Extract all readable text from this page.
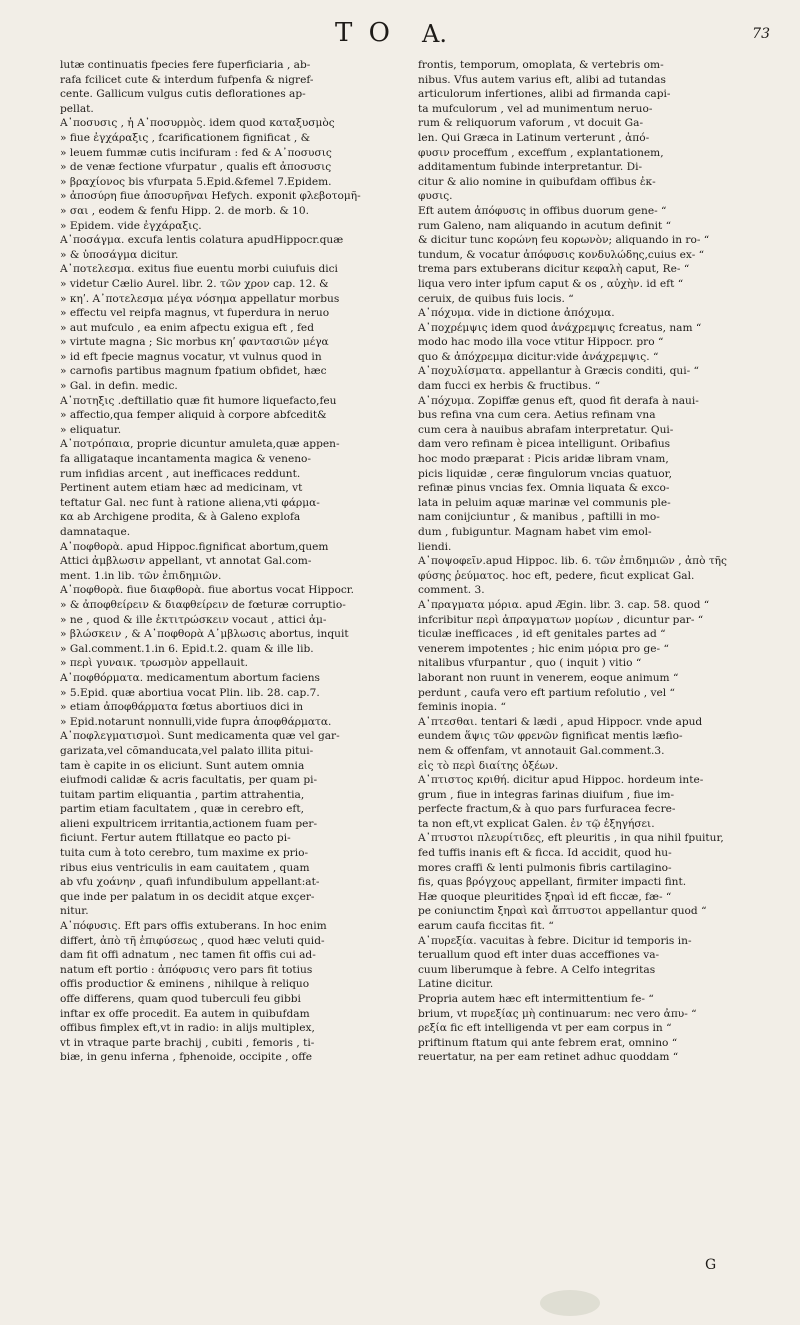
T O A.	73

lutæ continuatis fpecies fere fuperficiaria , ab-

rafa fcilicet cute & interdum fufpenfa & nigref-

cente. Gallicum vulgus cutis deflorationes ap-

pellat.

Α᾽ποσυσις , ἡ Α᾽ποσυρμὸς. idem quod καταξυσμὸς

» fiue ἐγχάραξις , fcarificationem fignificat , &

» leuem fummæ cutis incifuram : fed & Α᾽ποσυσις

» de venæ fectione vfurpatur , qualis eft ἀποσυσις

» βραχίονος bis vfurpata 5.Epid.&femel 7.Epidem.

» ἀποσύρη fiue ἀποσυρῆναι Hefych. exponit φλεβοτομῆ-

» σαι , eodem & fenfu Hipp. 2. de morb. & 10.

» Epidem. vide ἐγχάραξις.

Α᾽ποσάγμα. excufa lentis colatura apudHippocr.quæ

» & ὑποσάγμα dicitur.

Α᾽ποτελεσμα. exitus fiue euentu morbi cuiufuis dici

» videtur Cælio Aurel. libr. 2. τῶν χρον cap. 12. &

» κηʹ. Α᾽ποτελεσμα μέγα νόσημα appellatur morbus

» effectu vel reipfa magnus, vt fuperdura in neruo

» aut mufculo , ea enim afpectu exigua eft , fed

» virtute magna ; Sic morbus κηʹ φαντασιῶν μέγα

» id eft fpecie magnus vocatur, vt vulnus quod in

» carnofis partibus magnum fpatium obfidet, hæc

» Gal. in defin. medic.

Α᾽ποτηξις .deftillatio quæ fit humore liquefacto,feu

» affectio,qua femper aliquid à corpore abfcedit&

» eliquatur.

Α᾽ποτρόπαια, proprie dicuntur amuleta,quæ appen-

fa alligataque incantamenta magica & veneno-

rum infidias arcent , aut inefficaces reddunt.

Pertinent autem etiam hæc ad medicinam, vt

teftatur Gal. nec funt à ratione aliena,vti φάρμα-

κα ab Archigene prodita, & à Galeno explofa

damnataque.

Α᾽ποφθορὰ. apud Hippoc.fignificat abortum,quem

Attici ἀμβλωσιν appellant, vt annotat Gal.com-

ment. 1.in lib. τῶν ἐπιδημιῶν.

Α᾽ποφθορὰ. fiue διαφθορὰ. fiue abortus vocat Hippocr.

» & ἀποφθείρειν & διαφθείρειν de fœturæ corruptio-

» ne , quod & ille ἐκτιτρώσκειν vocaut , attici ἀμ-

» βλώσκειν , & Α᾽ποφθορὰ Α᾽μβλωσις abortus, inquit

» Gal.comment.1.in 6. Epid.t.2. quam & ille lib.

» περὶ γυναικ. τρωσμὸν appellauit.

Α᾽ποφθόρματα. medicamentum abortum faciens

» 5.Epid. quæ abortiua vocat Plin. lib. 28. cap.7.

» etiam ἀποφθάρματα fœtus abortiuos dici in

» Epid.notarunt nonnulli,vide fupra ἀποφθάρματα.

Α᾽ποφλεγματισμοὶ. Sunt medicamenta quæ vel gar-

garizata,vel cõmanducata,vel palato illita pitui-

tam è capite in os eliciunt. Sunt autem omnia

eiufmodi calidæ & acris facultatis, per quam pi-

tuitam partim eliquantia , partim attrahentia,

partim etiam facultatem , quæ in cerebro eft,

alieni expultricem irritantia,actionem fuam per-

ficiunt. Fertur autem ftillatque eo pacto pi-

tuita cum à toto cerebro, tum maxime ex prio-

ribus eius ventriculis in eam cauitatem , quam

ab vfu χοάνην , quafi infundibulum appellant:at-

que inde per palatum in os decidit atque exçer-

nitur.

Α᾽πόφυσις. Eft pars offis extuberans. In hoc enim

differt, ἀπὸ τῆ ἐπιφύσεως , quod hæc veluti quid-

dam fit offi adnatum , nec tamen fit offis cui ad-

natum eft portio : ἀπόφυσις vero pars fit totius

offis productior & eminens , nihilque à reliquo

offe differens, quam quod tuberculi feu gibbi

inftar ex offe procedit. Ea autem in quibufdam

offibus fimplex eft,vt in radio: in alijs multiplex,

vt in vtraque parte brachij , cubiti , femoris , ti-

biæ, in genu inferna , fphenoide, occipite , offe

frontis, temporum, omoplata, & vertebris om-

nibus. Vfus autem varius eft, alibi ad tutandas

articulorum infertiones, alibi ad firmanda capi-

ta mufculorum , vel ad munimentum neruo-

rum & reliquorum vaforum , vt docuit Ga-

len. Qui Græca in Latinum verterunt , ἀπό-

φυσιν proceffum , exceffum , explantationem,

additamentum fubinde interpretantur. Di-

citur & alio nomine in quibufdam offibus ἐκ-

φυσις.

Eft autem ἀπόφυσις in offibus duorum gene- “

rum Galeno, nam aliquando in acutum definit “

& dicitur tunc κορώνη feu κορωνὸν; aliquando in ro- “

tundum, & vocatur ἀπόφυσις κονδυλώδης,cuius ex- “

trema pars extuberans dicitur κεφαλὴ caput, Re- “

liqua vero inter ipfum caput & os , αὐχὴν. id eft “

ceruix, de quibus fuis locis. “

Α᾽πόχυμα. vide in dictione ἀπόχυμα.

Α᾽ποχρέμψις idem quod ἀνάχρεμψις fcreatus, nam “

modo hac modo illa voce vtitur Hippocr. pro “

quo & ἀπόχρεμμα dicitur:vide ἀνάχρεμψις. “

Α᾽ποχυλίσματα. appellantur à Græcis conditi, qui- “

dam fucci ex herbis & fructibus. “

Α᾽πόχυμα. Zopiffæ genus eft, quod fit derafa à naui-

bus refina vna cum cera. Aetius refinam vna

cum cera à nauibus abrafam interpretatur. Qui-

dam vero refinam è picea intelligunt. Oribafius

hoc modo præparat : Picis aridæ libram vnam,

picis liquidæ , ceræ fingulorum vncias quatuor,

refinæ pinus vncias fex. Omnia liquata & exco-

lata in peluim aquæ marinæ vel communis ple-

nam conijciuntur , & manibus , paftilli in mo-

dum , fubiguntur. Magnam habet vim emol-

liendi.

Α᾽ποψοφεῖν.apud Hippoc. lib. 6. τῶν ἐπιδημιῶν , ἀπὸ τῆς

φύσης ῥεύματος. hoc eft, pedere, ficut explicat Gal.

comment. 3.

Α᾽πραγματα μόρια. apud Ægin. libr. 3. cap. 58. quod “

infcribitur περὶ ἀπραγματων μορίων , dicuntur par- “

ticulæ inefficaces , id eft genitales partes ad “

venerem impotentes ; hic enim μόρια pro ge- “

nitalibus vfurpantur , quo ( inquit ) vitio “

laborant non ruunt in venerem, eoque animum “

perdunt , caufa vero eft partium refolutio , vel “

feminis inopia. “

Α᾽πτεσθαι. tentari & lædi , apud Hippocr. vnde apud

eundem ἅψις τῶν φρενῶν fignificat mentis læfio-

nem & offenfam, vt annotauit Gal.comment.3.

εἰς τὸ περὶ διαίτης ὀξέων.

Α᾽πτιστος κριθή. dicitur apud Hippoc. hordeum inte-

grum , fiue in integras farinas diuifum , fiue im-

perfecte fractum,& à quo pars furfuracea fecre-

ta non eft,vt explicat Galen. ἐν τῷ ἐξηγήσει.

Α᾽πτυστοι πλευρίτιδες, eft pleuritis , in qua nihil fpuitur,

fed tuffis inanis eft & ficca. Id accidit, quod hu-

mores craffi & lenti pulmonis fibris cartilagino-

fis, quas βρόγχους appellant, firmiter impacti fint.

Hæ quoque pleuritides ξηραὶ id eft ficcæ, fæ- “

pe coniunctim ξηραὶ καὶ ἄπτυστοι appellantur quod “

earum caufa ficcitas fit. “

Α᾽πυρεξία. vacuitas à febre. Dicitur id temporis in-

teruallum quod eft inter duas acceffiones va-

cuum liberumque à febre. A Celfo integritas

Latine dicitur.

Propria autem hæc eft intermittentium fe- “

brium, vt πυρεξίας μὴ continuarum: nec vero ἀπυ- “

ρεξία fic eft intelligenda vt per eam corpus in “

priftinum ftatum qui ante febrem erat, omnino “

reuertatur, na per eam retinet adhuc quoddam “

G
